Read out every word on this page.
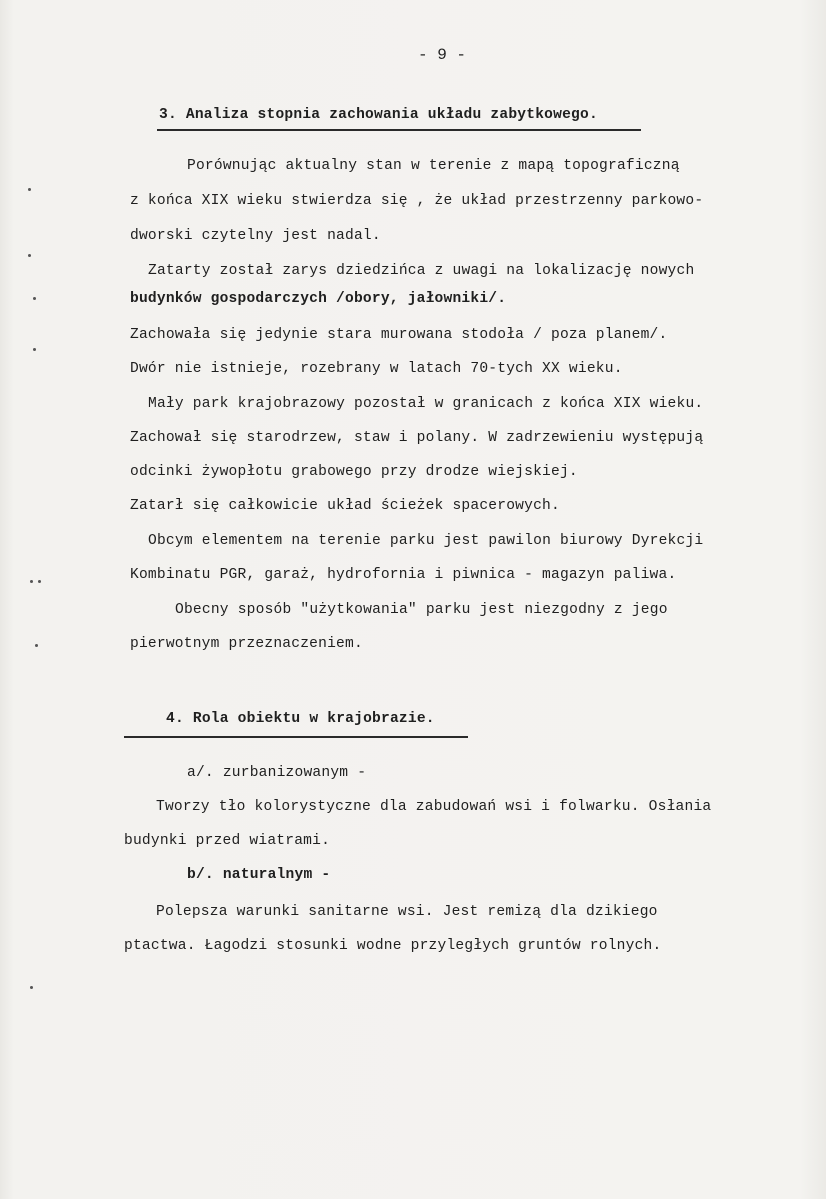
- 9 -
3. Analiza stopnia zachowania układu zabytkowego.
Porównując aktualny stan w terenie z mapą topograficzną
z końca XIX wieku stwierdza się , że układ przestrzenny parkowo-
dworski czytelny jest nadal.
Zatarty został zarys dziedzińca z uwagi na lokalizację nowych
budynków gospodarczych /obory, jałowniki/.
Zachowała się jedynie stara murowana stodoła / poza planem/.
Dwór nie istnieje, rozebrany w latach 70-tych XX wieku.
Mały park krajobrazowy pozostał w granicach z końca XIX wieku.
Zachował się starodrzew, staw i polany. W zadrzewieniu występują
odcinki żywopłotu grabowego przy drodze wiejskiej.
Zatarł się całkowicie układ ścieżek spacerowych.
Obcym elementem na terenie parku jest pawilon biurowy Dyrekcji
Kombinatu PGR, garaż, hydrofornia i piwnica - magazyn paliwa.
Obecny sposób "użytkowania" parku jest niezgodny z jego
pierwotnym przeznaczeniem.
4. Rola obiektu w krajobrazie.
a/. zurbanizowanym -
Tworzy tło kolorystyczne dla zabudowań wsi i folwarku. Osłania
budynki przed wiatrami.
b/. naturalnym -
Polepsza warunki sanitarne wsi. Jest remizą dla dzikiego
ptactwa. Łagodzi stosunki wodne przyległych gruntów rolnych.
